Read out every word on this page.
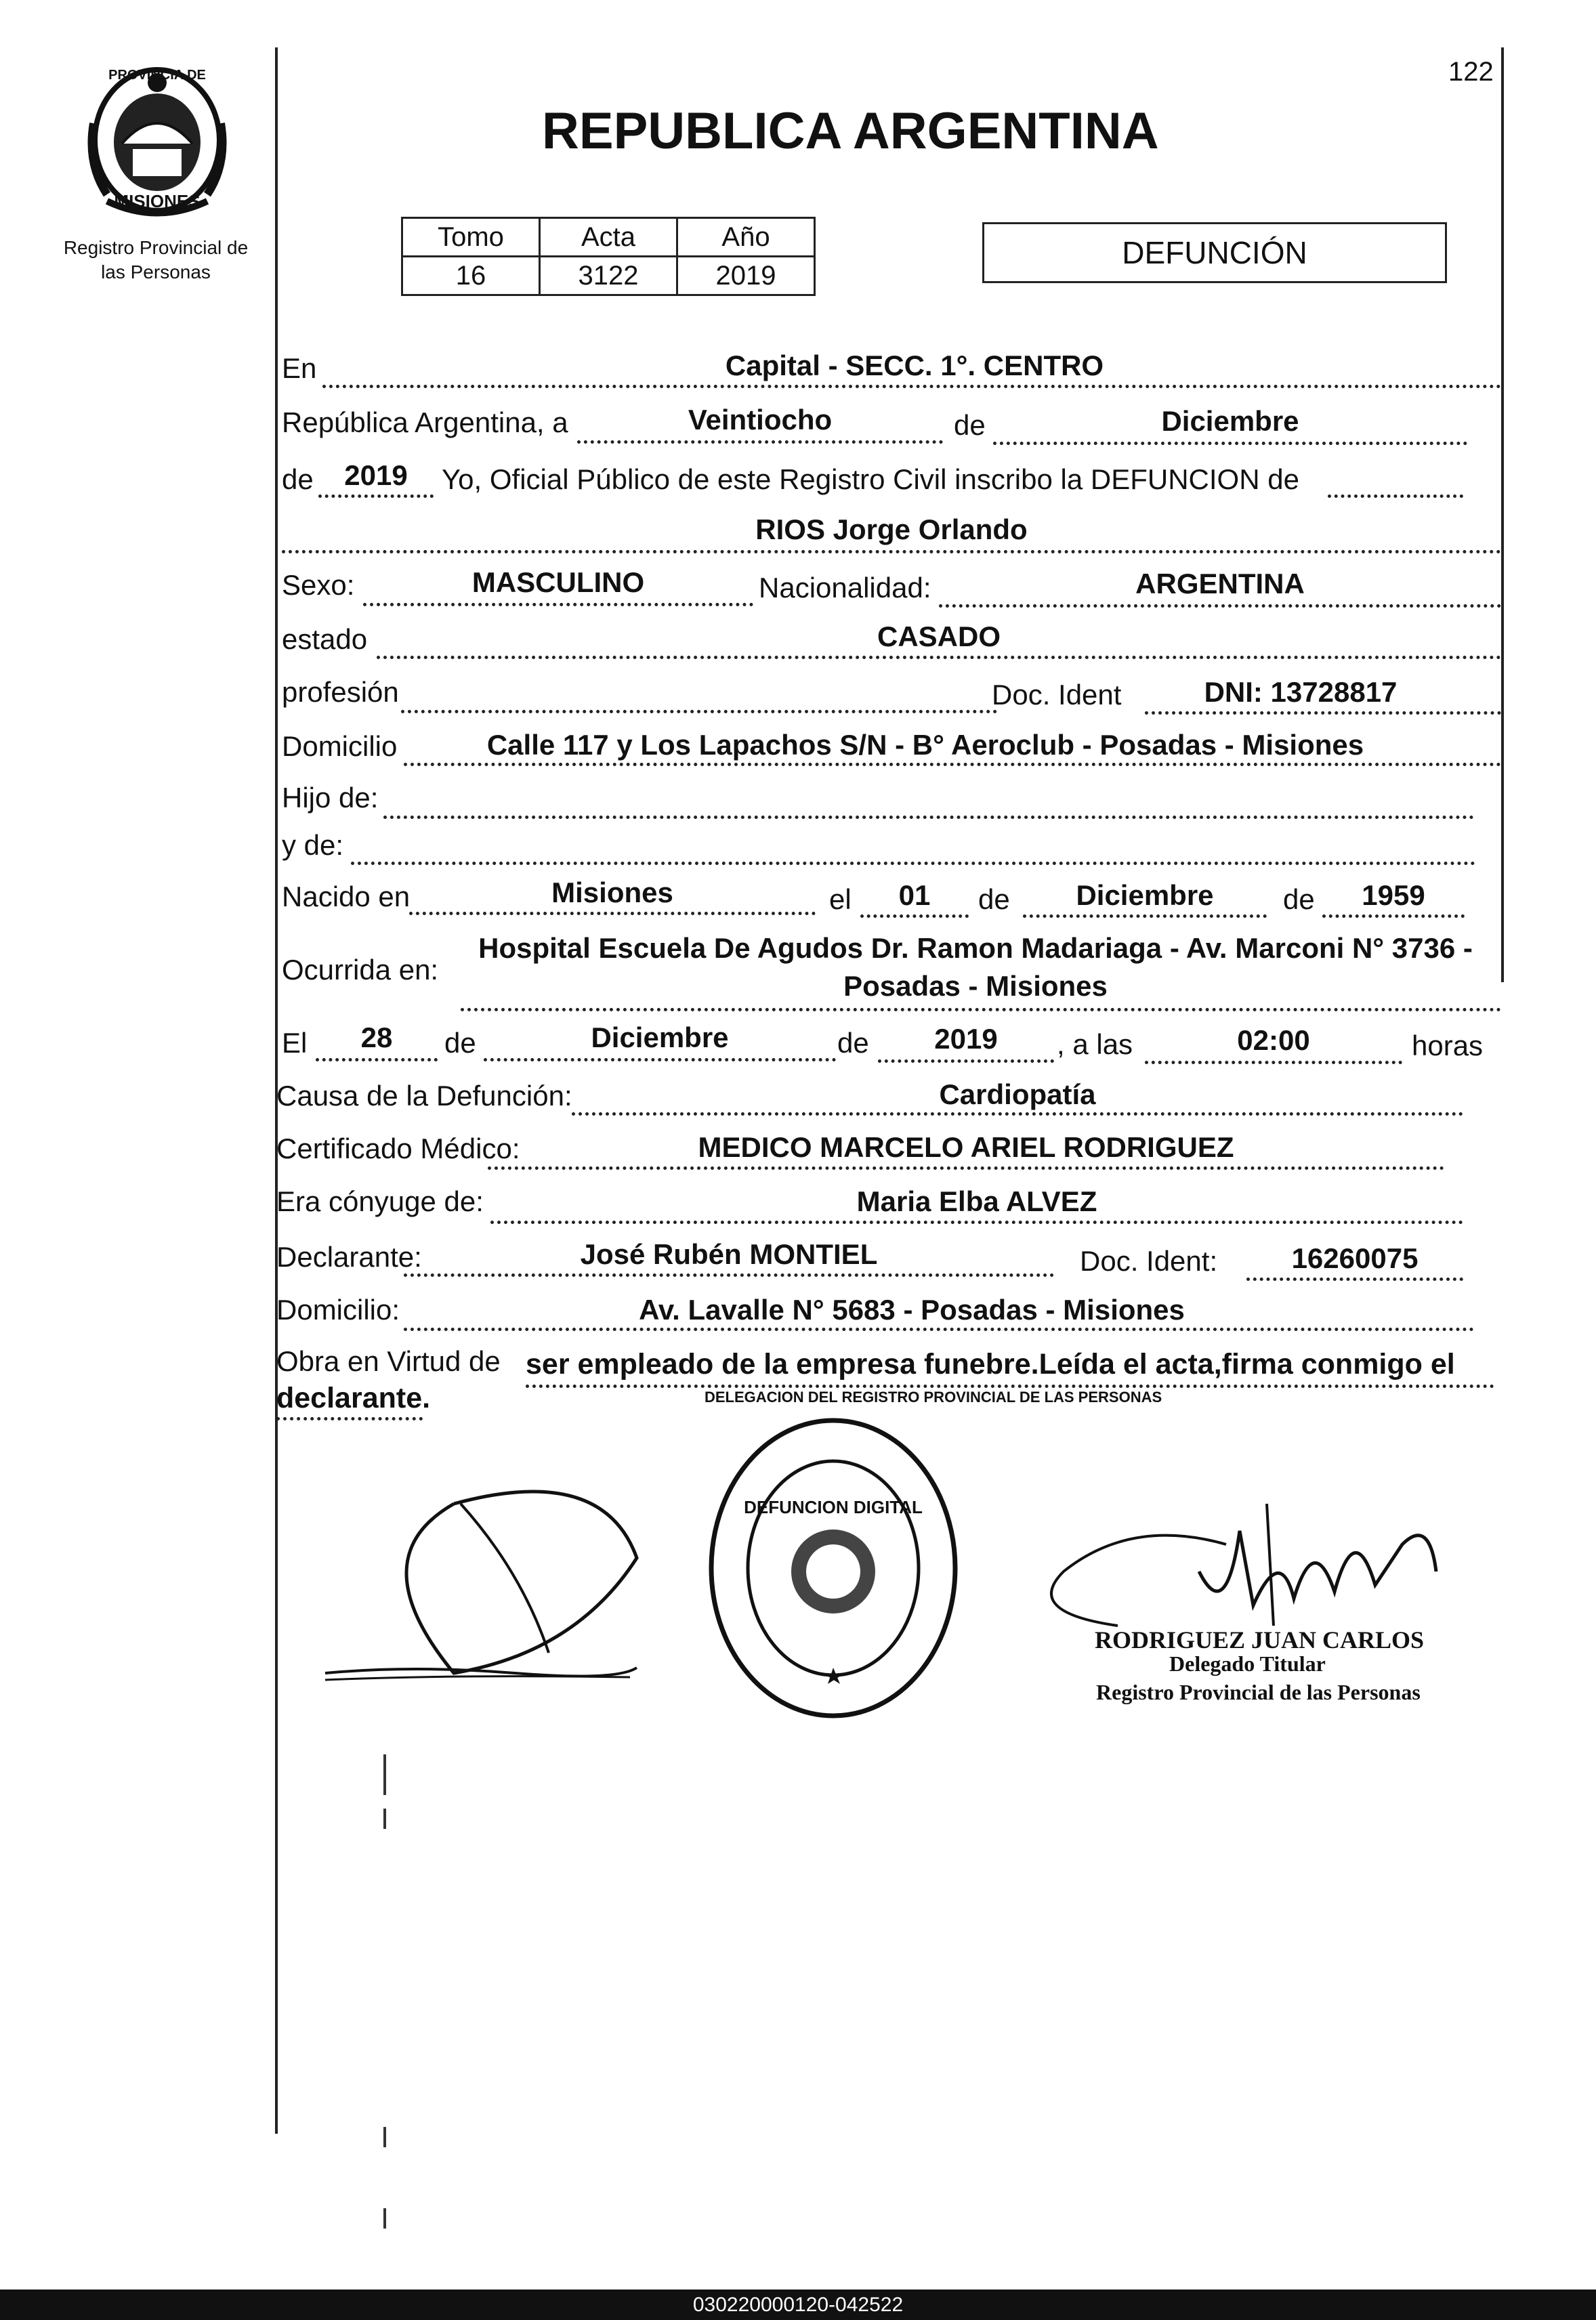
122
PROVINCIA DE
MISIONES
Registro Provincial de
las Personas
REPUBLICA ARGENTINA
Tomo	Acta	Año
16	3122	2019
DEFUNCIÓN
En	Capital - SECC. 1°. CENTRO
República Argentina, a	Veintiocho	de	Diciembre
de	2019	Yo, Oficial Público de este Registro Civil inscribo la DEFUNCION de
RIOS Jorge Orlando
Sexo:	MASCULINO	Nacionalidad:	ARGENTINA
estado	CASADO
profesión	Doc. Ident	DNI: 13728817
Domicilio	Calle 117 y Los Lapachos S/N - B° Aeroclub - Posadas - Misiones
Hijo de:
y de:
Nacido en	Misiones	el	01	de	Diciembre	de	1959
Ocurrida en:
Hospital Escuela De Agudos Dr. Ramon Madariaga - Av. Marconi N° 3736 -
Posadas - Misiones
El	28	de	Diciembre	de	2019	, a las	02:00	horas
Causa de la Defunción:	Cardiopatía
Certificado Médico:	MEDICO MARCELO ARIEL RODRIGUEZ
Era cónyuge de:	Maria Elba ALVEZ
Declarante:	José Rubén MONTIEL	Doc. Ident:	16260075
Domicilio:	Av. Lavalle N° 5683 - Posadas - Misiones
Obra en Virtud de ser empleado de la empresa funebre.Leída el acta,firma conmigo el
declarante.
DEFUNCION DIGITAL
DELEGACION DEL REGISTRO PROVINCIAL DE LAS PERSONAS
RODRIGUEZ JUAN CARLOS
Delegado Titular
Registro Provincial de las Personas
030220000120-042522
